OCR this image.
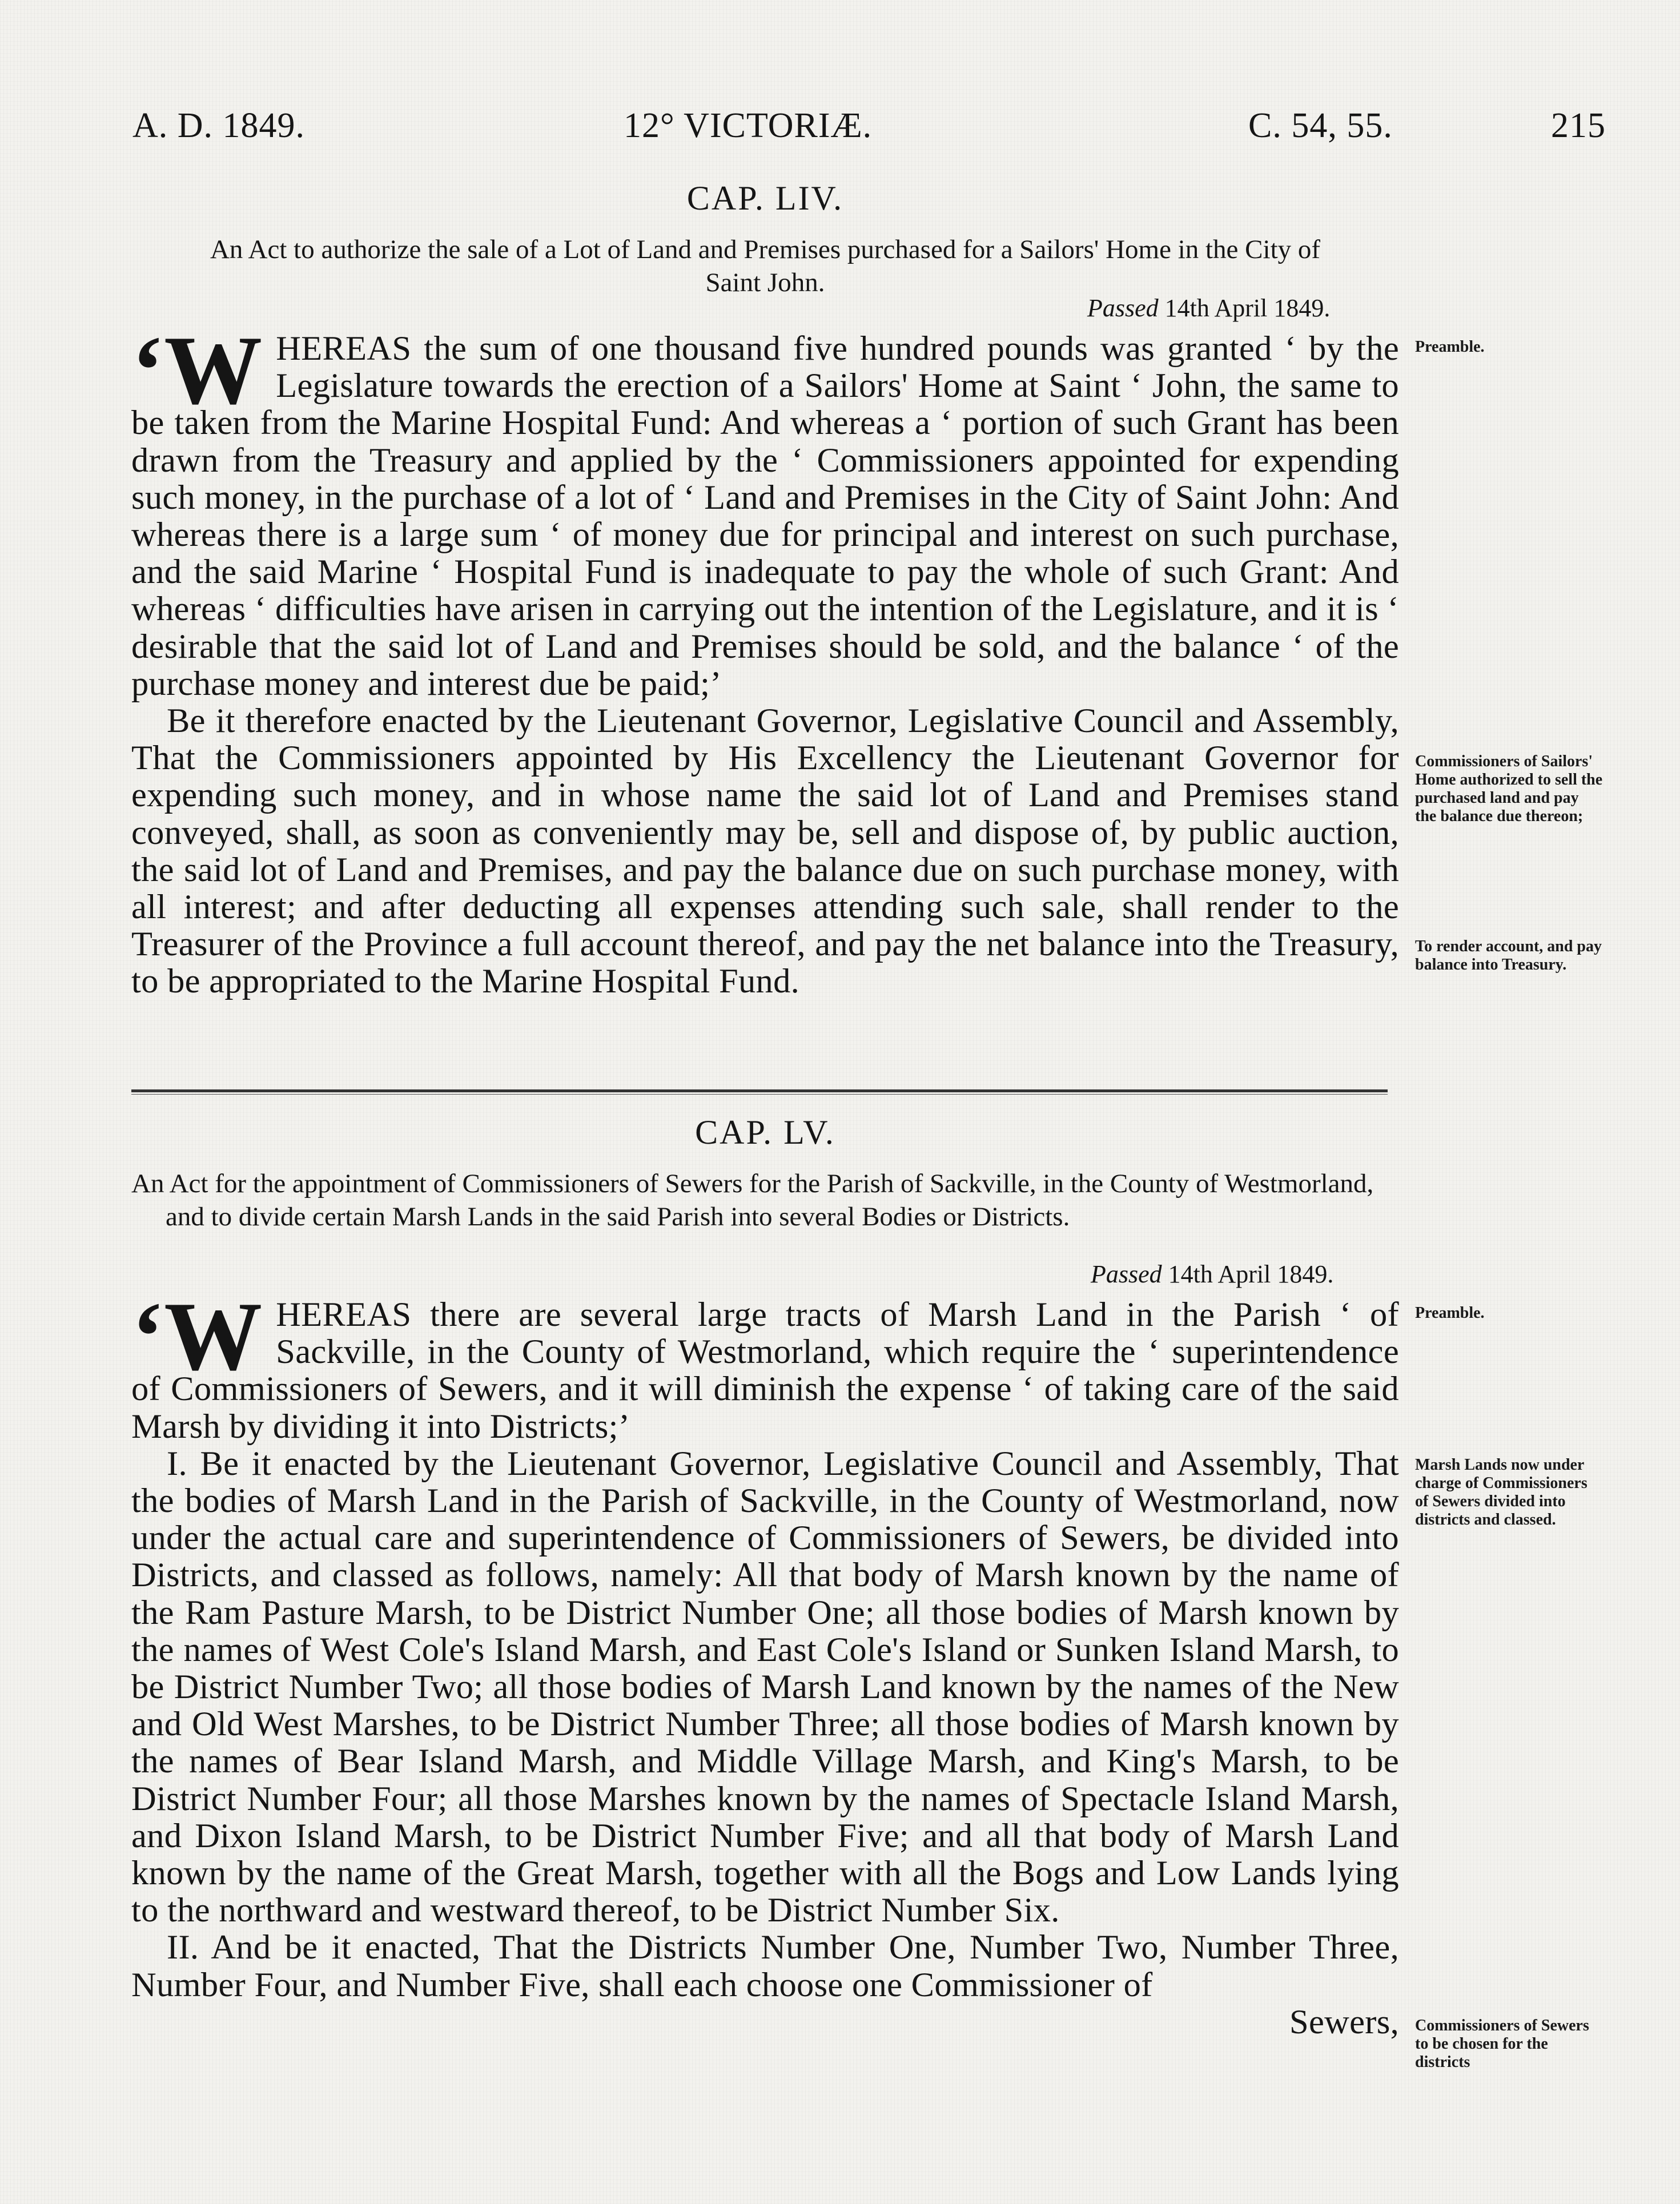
A. D. 1849.	12° VICTORIÆ.	C. 54, 55.	215
CAP. LIV.
An Act to authorize the sale of a Lot of Land and Premises purchased for a Sailors' Home in the City of Saint John.
Passed 14th April 1849.

‘W HEREAS the sum of one thousand five hundred pounds was granted ‘ by the Legislature towards the erection of a Sailors' Home at Saint ‘ John, the same to be taken from the Marine Hospital Fund: And whereas a ‘ portion of such Grant has been drawn from the Treasury and applied by the ‘ Commissioners appointed for expending such money, in the purchase of a lot of ‘ Land and Premises in the City of Saint John: And whereas there is a large sum ‘ of money due for principal and interest on such purchase, and the said Marine ‘ Hospital Fund is inadequate to pay the whole of such Grant: And whereas ‘ difficulties have arisen in carrying out the intention of the Legislature, and it is ‘ desirable that the said lot of Land and Premises should be sold, and the balance ‘ of the purchase money and interest due be paid;’

Be it therefore enacted by the Lieutenant Governor, Legislative Council and Assembly, That the Commissioners appointed by His Excellency the Lieutenant Governor for expending such money, and in whose name the said lot of Land and Premises stand conveyed, shall, as soon as conveniently may be, sell and dispose of, by public auction, the said lot of Land and Premises, and pay the balance due on such purchase money, with all interest; and after deducting all expenses attending such sale, shall render to the Treasurer of the Province a full account thereof, and pay the net balance into the Treasury, to be appropriated to the Marine Hospital Fund.

Preamble.
Commissioners of Sailors' Home authorized to sell the purchased land and pay the balance due thereon;
To render account, and pay balance into Treasury.
CAP. LV.
An Act for the appointment of Commissioners of Sewers for the Parish of Sackville, in the County of Westmorland, and to divide certain Marsh Lands in the said Parish into several Bodies or Districts.
Passed 14th April 1849.

‘W HEREAS there are several large tracts of Marsh Land in the Parish ‘ of Sackville, in the County of Westmorland, which require the ‘ superintendence of Commissioners of Sewers, and it will diminish the expense ‘ of taking care of the said Marsh by dividing it into Districts;’

I. Be it enacted by the Lieutenant Governor, Legislative Council and Assembly, That the bodies of Marsh Land in the Parish of Sackville, in the County of Westmorland, now under the actual care and superintendence of Commissioners of Sewers, be divided into Districts, and classed as follows, namely: All that body of Marsh known by the name of the Ram Pasture Marsh, to be District Number One; all those bodies of Marsh known by the names of West Cole's Island Marsh, and East Cole's Island or Sunken Island Marsh, to be District Number Two; all those bodies of Marsh Land known by the names of the New and Old West Marshes, to be District Number Three; all those bodies of Marsh known by the names of Bear Island Marsh, and Middle Village Marsh, and King's Marsh, to be District Number Four; all those Marshes known by the names of Spectacle Island Marsh, and Dixon Island Marsh, to be District Number Five; and all that body of Marsh Land known by the name of the Great Marsh, together with all the Bogs and Low Lands lying to the northward and westward thereof, to be District Number Six.

II. And be it enacted, That the Districts Number One, Number Two, Number Three, Number Four, and Number Five, shall each choose one Commissioner of

Sewers,

Preamble.
Marsh Lands now under charge of Commissioners of Sewers divided into districts and classed.
Commissioners of Sewers to be chosen for the districts
